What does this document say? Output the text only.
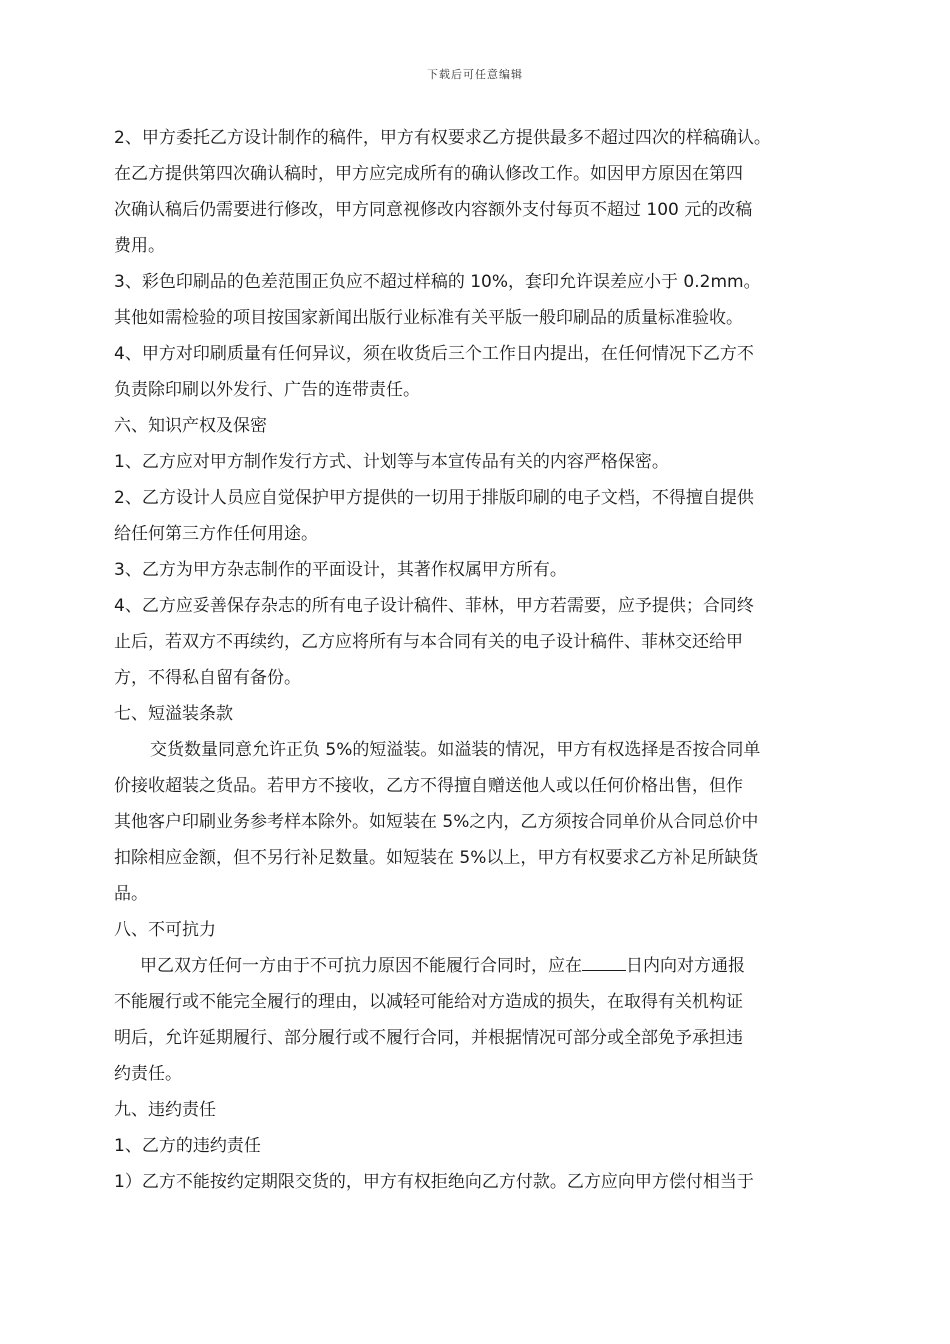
下载后可任意编辑
2、甲方委托乙方设计制作的稿件，甲方有权要求乙方提供最多不超过四次的样稿确认。
在乙方提供第四次确认稿时，甲方应完成所有的确认修改工作。如因甲方原因在第四
次确认稿后仍需要进行修改，甲方同意视修改内容额外支付每页不超过 100 元的改稿
费用。
3、彩色印刷品的色差范围正负应不超过样稿的 10%，套印允许误差应小于 0.2mm。
其他如需检验的项目按国家新闻出版行业标准有关平版一般印刷品的质量标准验收。
4、甲方对印刷质量有任何异议，须在收货后三个工作日内提出，在任何情况下乙方不
负责除印刷以外发行、广告的连带责任。
六、知识产权及保密
1、乙方应对甲方制作发行方式、计划等与本宣传品有关的内容严格保密。
2、乙方设计人员应自觉保护甲方提供的一切用于排版印刷的电子文档，不得擅自提供
给任何第三方作任何用途。
3、乙方为甲方杂志制作的平面设计，其著作权属甲方所有。
4、乙方应妥善保存杂志的所有电子设计稿件、菲林，甲方若需要，应予提供；合同终
止后，若双方不再续约，乙方应将所有与本合同有关的电子设计稿件、菲林交还给甲
方，不得私自留有备份。
七、短溢装条款
交货数量同意允许正负 5%的短溢装。如溢装的情况，甲方有权选择是否按合同单
价接收超装之货品。若甲方不接收，乙方不得擅自赠送他人或以任何价格出售，但作
其他客户印刷业务参考样本除外。如短装在 5%之内，乙方须按合同单价从合同总价中
扣除相应金额，但不另行补足数量。如短装在 5%以上，甲方有权要求乙方补足所缺货
品。
八、不可抗力
甲乙双方任何一方由于不可抗力原因不能履行合同时，应在	日内向对方通报
不能履行或不能完全履行的理由，以减轻可能给对方造成的损失，在取得有关机构证
明后，允许延期履行、部分履行或不履行合同，并根据情况可部分或全部免予承担违
约责任。
九、违约责任
1、乙方的违约责任
1）乙方不能按约定期限交货的，甲方有权拒绝向乙方付款。乙方应向甲方偿付相当于
